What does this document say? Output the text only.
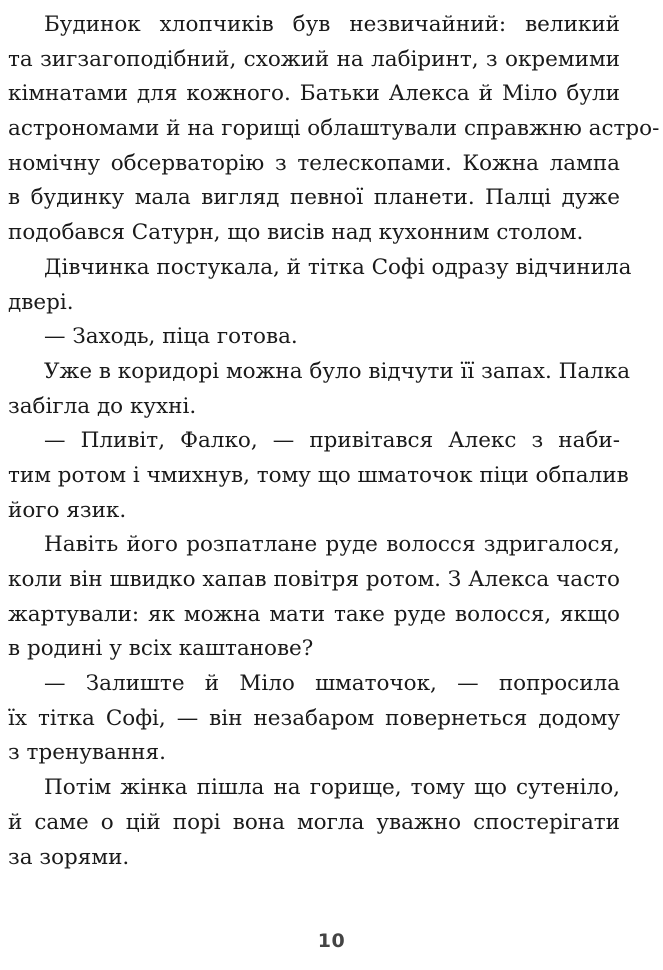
Будинок хлопчиків був незвичайний: великий
та зигзагоподібний, схожий на лабіринт, з окремими
кімнатами для кожного. Батьки Алекса й Міло були
астрономами й на горищі облаштували справжню астро-
номічну обсерваторію з телескопами. Кожна лампа
в будинку мала вигляд певної планети. Палці дуже
подобався Сатурн, що висів над кухонним столом.
Дівчинка постукала, й тітка Софі одразу відчинила
двері.
— Заходь, піца готова.
Уже в коридорі можна було відчути її запах. Палка
забігла до кухні.
— Пливіт, Фалко, — привітався Алекс з наби-
тим ротом і чмихнув, тому що шматочок піци обпалив
його язик.
Навіть його розпатлане руде волосся здригалося,
коли він швидко хапав повітря ротом. З Алекса часто
жартували: як можна мати таке руде волосся, якщо
в родині у всіх каштанове?
— Залиште й Міло шматочок, — попросила
їх тітка Софі, — він незабаром повернеться додому
з тренування.
Потім жінка пішла на горище, тому що сутеніло,
й саме о цій порі вона могла уважно спостерігати
за зорями.
10
